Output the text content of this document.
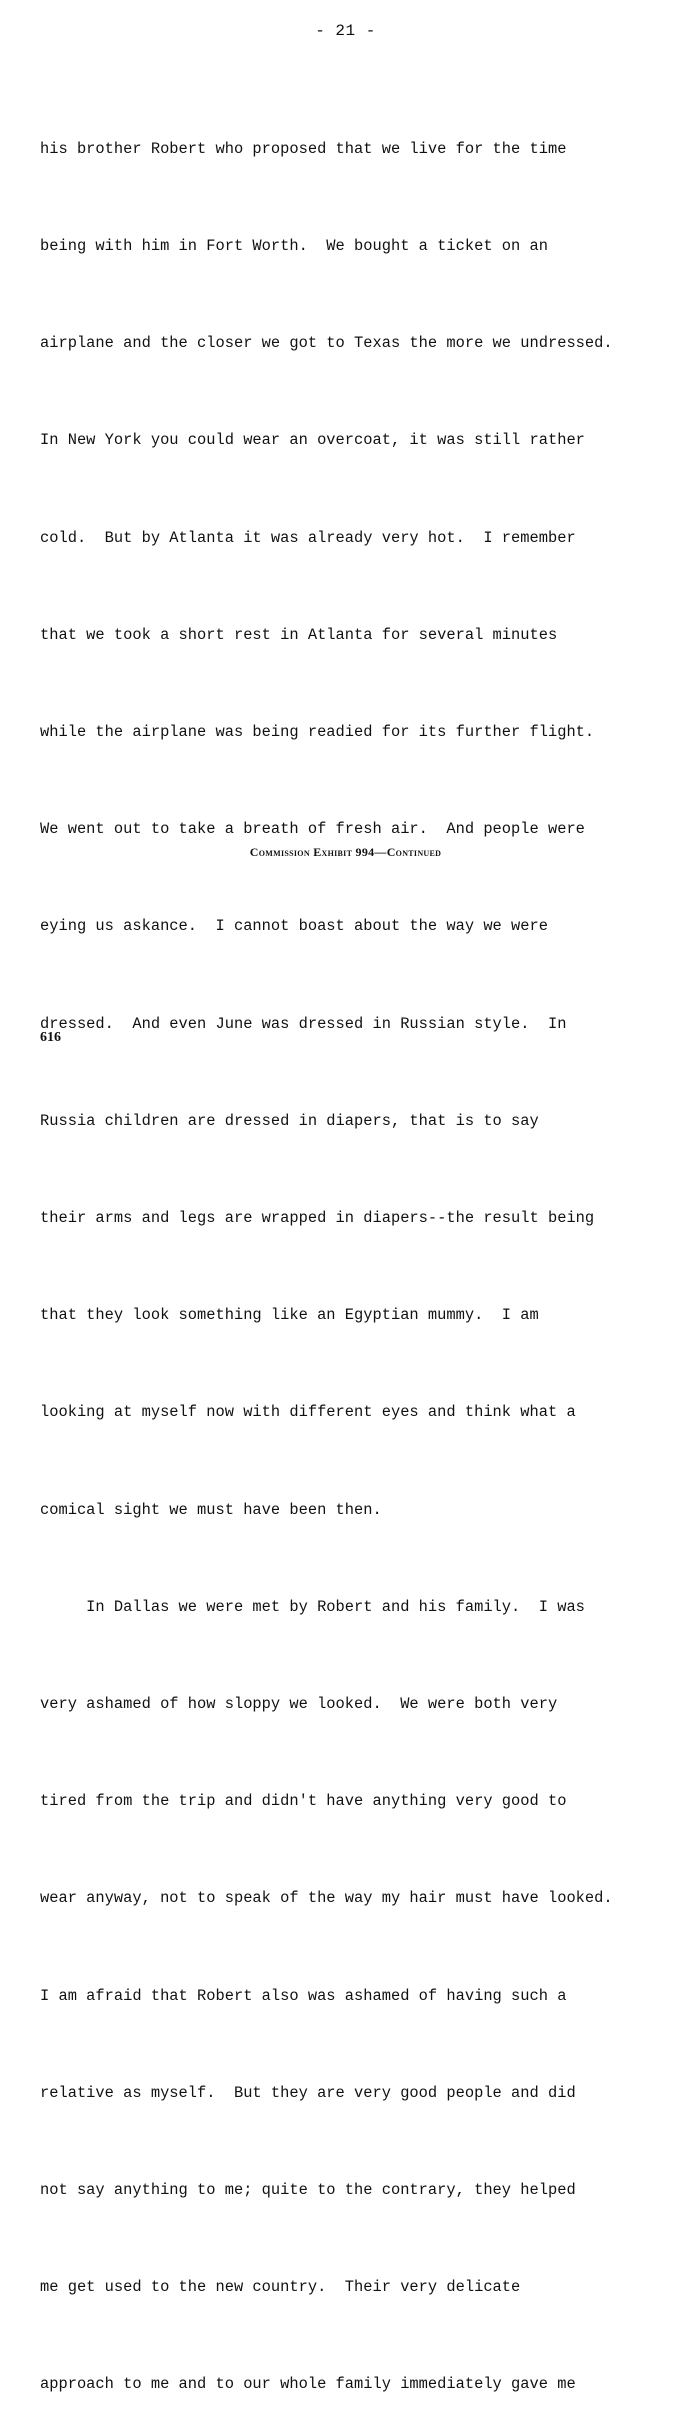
- 21 -

his brother Robert who proposed that we live for the time

being with him in Fort Worth.  We bought a ticket on an

airplane and the closer we got to Texas the more we undressed.

In New York you could wear an overcoat, it was still rather

cold.  But by Atlanta it was already very hot.  I remember

that we took a short rest in Atlanta for several minutes

while the airplane was being readied for its further flight.

We went out to take a breath of fresh air.  And people were

eying us askance.  I cannot boast about the way we were

dressed.  And even June was dressed in Russian style.  In

Russia children are dressed in diapers, that is to say

their arms and legs are wrapped in diapers--the result being

that they look something like an Egyptian mummy.  I am

looking at myself now with different eyes and think what a

comical sight we must have been then.

In Dallas we were met by Robert and his family.  I was

very ashamed of how sloppy we looked.  We were both very

tired from the trip and didn't have anything very good to

wear anyway, not to speak of the way my hair must have looked.

I am afraid that Robert also was ashamed of having such a

relative as myself.  But they are very good people and did

not say anything to me; quite to the contrary, they helped

me get used to the new country.  Their very delicate

approach to me and to our whole family immediately gave me

Commission Exhibit 994—Continued
616
